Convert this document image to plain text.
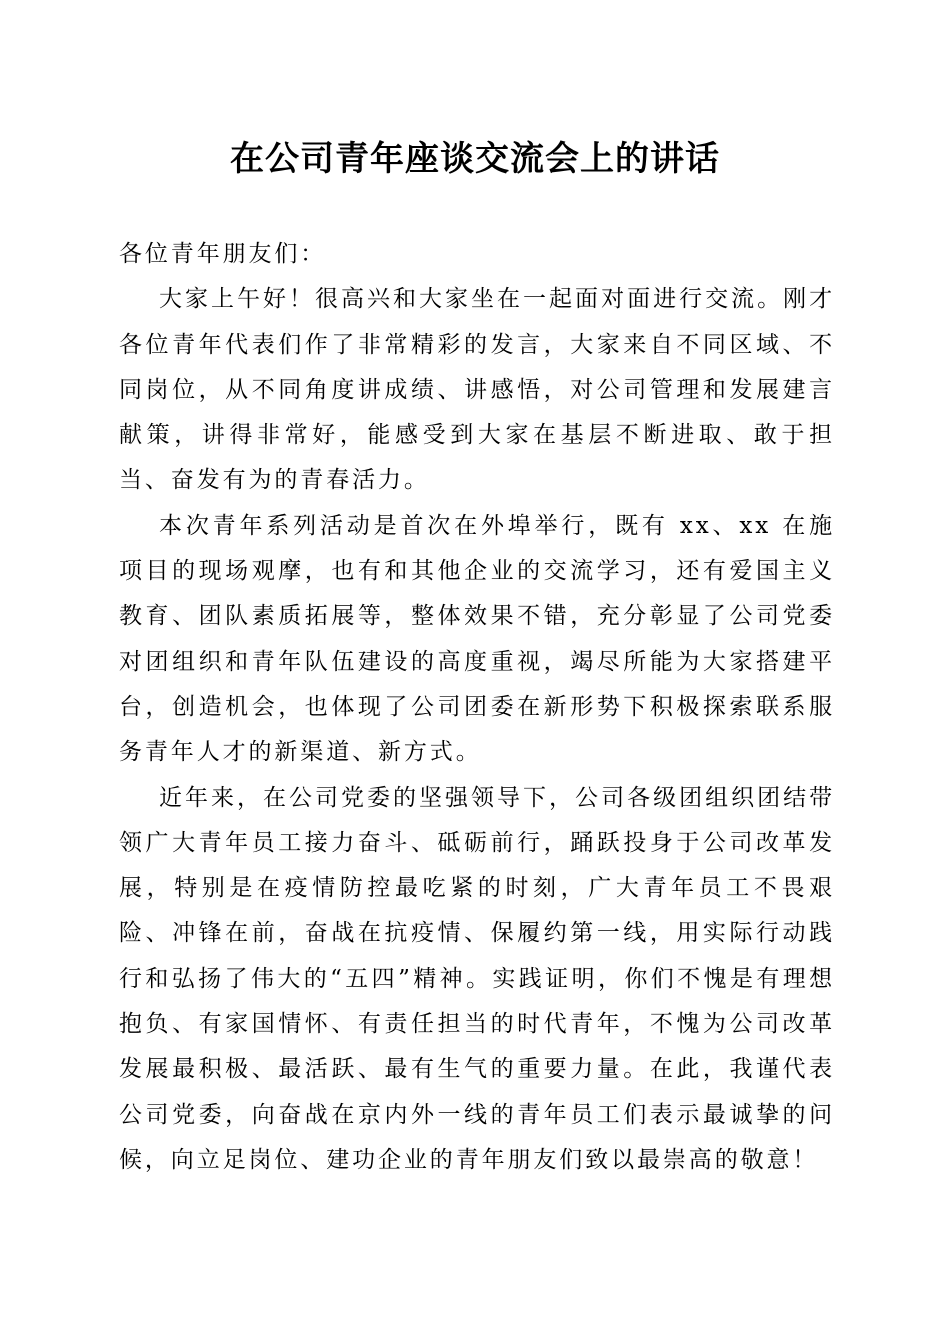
在公司青年座谈交流会上的讲话

各位青年朋友们：

大家上午好！很高兴和大家坐在一起面对面进行交流。刚才各位青年代表们作了非常精彩的发言，大家来自不同区域、不同岗位，从不同角度讲成绩、讲感悟，对公司管理和发展建言献策，讲得非常好，能感受到大家在基层不断进取、敢于担当、奋发有为的青春活力。

本次青年系列活动是首次在外埠举行，既有 xx、xx 在施项目的现场观摩，也有和其他企业的交流学习，还有爱国主义教育、团队素质拓展等，整体效果不错，充分彰显了公司党委对团组织和青年队伍建设的高度重视，竭尽所能为大家搭建平台，创造机会，也体现了公司团委在新形势下积极探索联系服务青年人才的新渠道、新方式。

近年来，在公司党委的坚强领导下，公司各级团组织团结带领广大青年员工接力奋斗、砥砺前行，踊跃投身于公司改革发展，特别是在疫情防控最吃紧的时刻，广大青年员工不畏艰险、冲锋在前，奋战在抗疫情、保履约第一线，用实际行动践行和弘扬了伟大的“五四”精神。实践证明，你们不愧是有理想抱负、有家国情怀、有责任担当的时代青年，不愧为公司改革发展最积极、最活跃、最有生气的重要力量。在此，我谨代表公司党委，向奋战在京内外一线的青年员工们表示最诚挚的问候，向立足岗位、建功企业的青年朋友们致以最崇高的敬意！
